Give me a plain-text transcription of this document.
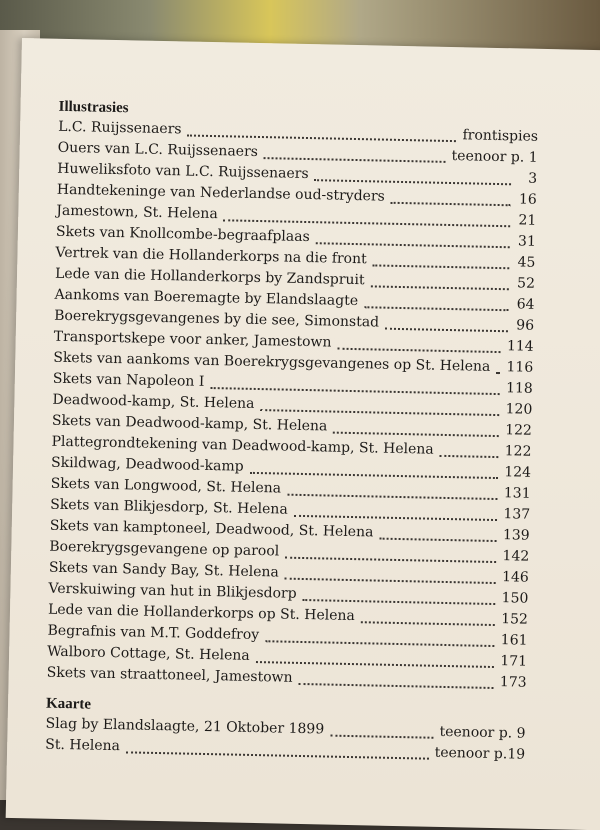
Illustrasies
L.C. Ruijssenaers	frontispies
Ouers van L.C. Ruijssenaers	teenoor p. 1
Huweliksfoto van L.C. Ruijssenaers	3
Handtekeninge van Nederlandse oud-stryders	16
Jamestown, St. Helena	21
Skets van Knollcombe-begraafplaas	31
Vertrek van die Hollanderkorps na die front	45
Lede van die Hollanderkorps by Zandspruit	52
Aankoms van Boeremagte by Elandslaagte	64
Boerekrygsgevangenes by die see, Simonstad	96
Transportskepe voor anker, Jamestown	114
Skets van aankoms van Boerekrygsgevangenes op St. Helena 116
Skets van Napoleon I	118
Deadwood-kamp, St. Helena	120
Skets van Deadwood-kamp, St. Helena	122
Plattegrondtekening van Deadwood-kamp, St. Helena	122
Skildwag, Deadwood-kamp	124
Skets van Longwood, St. Helena	131
Skets van Blikjesdorp, St. Helena	137
Skets van kamptoneel, Deadwood, St. Helena	139
Boerekrygsgevangene op parool	142
Skets van Sandy Bay, St. Helena	146
Verskuiwing van hut in Blikjesdorp	150
Lede van die Hollanderkorps op St. Helena	152
Begrafnis van M.T. Goddefroy	161
Walboro Cottage, St. Helena	171
Skets van straattoneel, Jamestown	173
Kaarte
Slag by Elandslaagte, 21 Oktober 1899	teenoor p. 9
St. Helena	teenoor p.19
